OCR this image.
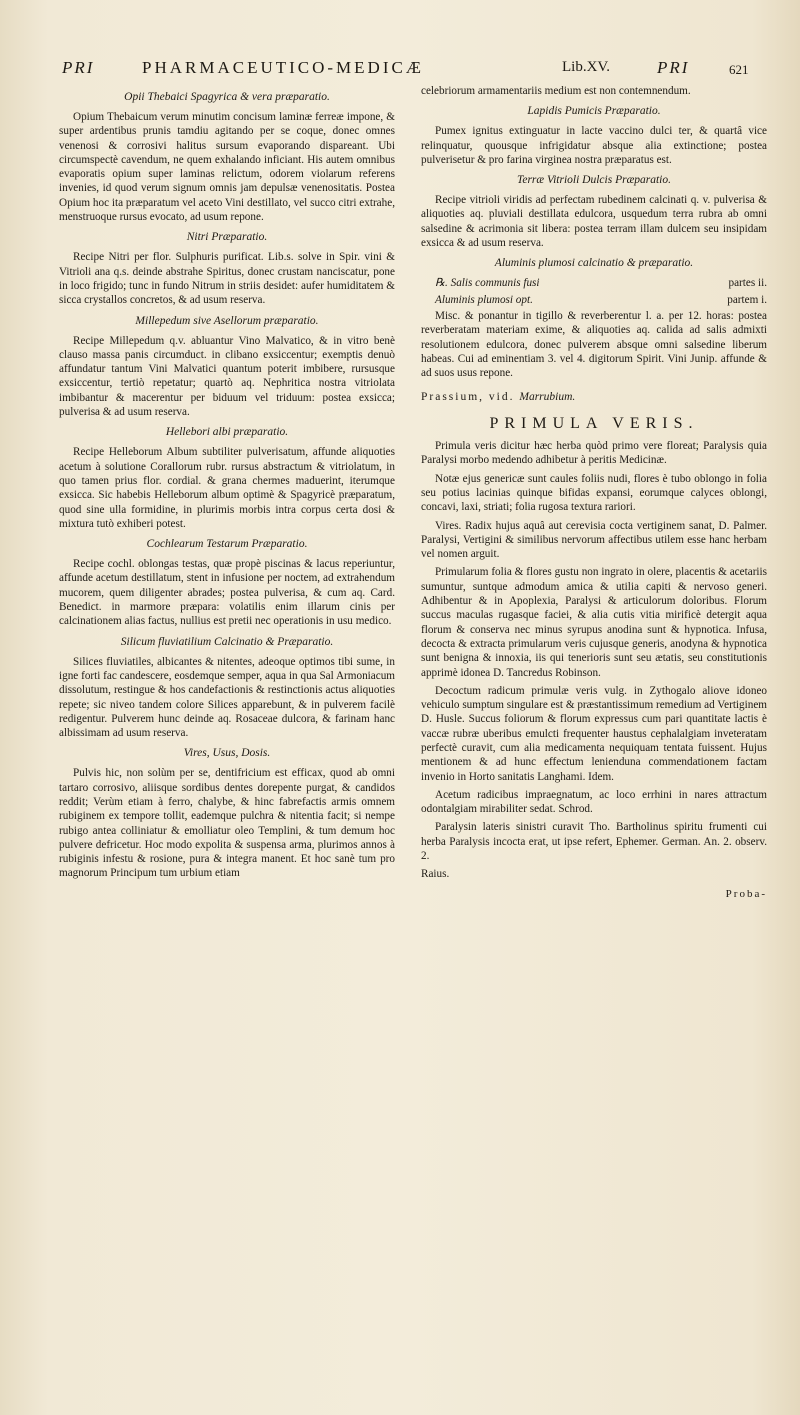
PRI	PHARMACEUTICO-MEDICÆ	Lib.XV.	PRI	621
Opii Thebaici Spagyrica & vera præparatio.

Opium Thebaicum verum minutim concisum laminæ ferreæ impone, & super ardentibus prunis tamdiu agitando per se coque, donec omnes venenosi & corrosivi halitus sursum evaporando dispareant. Ubi circumspectè cavendum, ne quem exhalando inficiant. His autem omnibus evaporatis opium super laminas relictum, odorem violarum referens invenies, id quod verum signum omnis jam depulsæ venenositatis. Postea Opium hoc ita præparatum vel aceto Vini destillato, vel succo citri extrahe, menstruoque rursus evocato, ad usum repone.

Nitri Præparatio.

Recipe Nitri per flor. Sulphuris purificat. Lib.s. solve in Spir. vini & Vitrioli ana q.s. deinde abstrahe Spiritus, donec crustam nanciscatur, pone in loco frigido; tunc in fundo Nitrum in striis desidet: aufer humiditatem & sicca crystallos concretos, & ad usum reserva.

Millepedum sive Asellorum præparatio.

Recipe Millepedum q.v. abluantur Vino Malvatico, & in vitro benè clauso massa panis circumduct. in clibano exsiccentur; exemptis denuò affundatur tantum Vini Malvatici quantum poterit imbibere, rursusque exsiccentur, tertiò repetatur; quartò aq. Nephritica nostra vitriolata imbibantur & macerentur per biduum vel triduum: postea exsicca; pulverisa & ad usum reserva.

Hellebori albi præparatio.

Recipe Helleborum Album subtiliter pulverisatum, affunde aliquoties acetum à solutione Corallorum rubr. rursus abstractum & vitriolatum, in quo tamen prius flor. cordial. & grana chermes maduerint, iterumque exsicca. Sic habebis Helleborum album optimè & Spagyricè præparatum, quod sine ulla formidine, in plurimis morbis intra corpus certa dosi & mixtura tutò exhiberi potest.

Cochlearum Testarum Præparatio.

Recipe cochl. oblongas testas, quæ propè piscinas & lacus reperiuntur, affunde acetum destillatum, stent in infusione per noctem, ad extrahendum mucorem, quem diligenter abrades; postea pulverisa, & cum aq. Card. Benedict. in marmore præpara: volatilis enim illarum cinis per calcinationem alias factus, nullius est pretii nec operationis in usu medico.

Silicum fluviatilium Calcinatio & Præparatio.

Silices fluviatiles, albicantes & nitentes, adeoque optimos tibi sume, in igne forti fac candescere, eosdemque semper, aqua in qua Sal Armoniacum dissolutum, restingue & hos candefactionis & restinctionis actus aliquoties repete; sic niveo tandem colore Silices apparebunt, & in pulverem facilè redigentur. Pulverem hunc deinde aq. Rosaceae dulcora, & farinam hanc albissimam ad usum reserva.

Vires, Usus, Dosis.

Pulvis hic, non solùm per se, dentifricium est efficax, quod ab omni tartaro corrosivo, aliisque sordibus dentes dorepente purgat, & candidos reddit; Verùm etiam à ferro, chalybe, & hinc fabrefactis armis omnem rubiginem ex tempore tollit, eademque pulchra & nitentia facit; si nempe rubigo antea colliniatur & emolliatur oleo Templini, & tum demum hoc pulvere defricetur. Hoc modo expolita & suspensa arma, plurimos annos à rubiginis infestu & rosione, pura & integra manent. Et hoc sanè tum pro magnorum Principum tum urbium etiam

celebriorum armamentariis medium est non contemnendum.

Lapidis Pumicis Præparatio.

Pumex ignitus extinguatur in lacte vaccino dulci ter, & quartâ vice relinquatur, quousque infrigidatur absque alia extinctione; postea pulverisetur & pro farina virginea nostra præparatus est.

Terræ Vitrioli Dulcis Præparatio.

Recipe vitrioli viridis ad perfectam rubedinem calcinati q. v. pulverisa & aliquoties aq. pluviali destillata edulcora, usquedum terra rubra ab omni salsedine & acrimonia sit libera: postea terram illam dulcem seu insipidam exsicca & ad usum reserva.

Aluminis plumosi calcinatio & præparatio.
℞. Salis communis fusi	partes ii.
Aluminis plumosi opt.	partem i.

Misc. & ponantur in tigillo & reverberentur l. a. per 12. horas: postea reverberatam materiam exime, & aliquoties aq. calida ad salis admixti resolutionem edulcora, donec pulverem absque omni salsedine liberum habeas. Cui ad eminentiam 3. vel 4. digitorum Spirit. Vini Junip. affunde & ad suos usus repone.

Prassium, vid. Marrubium.
PRIMULA VERIS.

Primula veris dicitur hæc herba quòd primo vere floreat; Paralysis quia Paralysi morbo medendo adhibetur à peritis Medicinæ.

Notæ ejus genericæ sunt caules foliis nudi, flores è tubo oblongo in folia seu potius lacinias quinque bifidas expansi, eorumque calyces oblongi, concavi, laxi, striati; folia rugosa textura rariori.

Vires. Radix hujus aquâ aut cerevisia cocta vertiginem sanat, D. Palmer. Paralysi, Vertigini & similibus nervorum affectibus utilem esse hanc herbam vel nomen arguit.

Primularum folia & flores gustu non ingrato in olere, placentis & acetariis sumuntur, suntque admodum amica & utilia capiti & nervoso generi. Adhibentur & in Apoplexia, Paralysi & articulorum doloribus. Florum succus maculas rugasque faciei, & alia cutis vitia mirificè detergit aqua florum & conserva nec minus syrupus anodina sunt & hypnotica. Infusa, decocta & extracta primularum veris cujusque generis, anodyna & hypnotica sunt benigna & innoxia, iis qui tenerioris sunt seu ætatis, seu constitutionis apprimè idonea D. Tancredus Robinson.

Decoctum radicum primulæ veris vulg. in Zythogalo aliove idoneo vehiculo sumptum singulare est & præstantissimum remedium ad Vertiginem D. Husle. Succus foliorum & florum expressus cum pari quantitate lactis è vaccæ rubræ uberibus emulcti frequenter haustus cephalalgiam inveteratam perfectè curavit, cum alia medicamenta nequiquam tentata fuissent. Hujus mentionem & ad hunc effectum lenienduna commendationem factam invenio in Horto sanitatis Langhami. Idem.

Acetum radicibus impraegnatum, ac loco errhini in nares attractum odontalgiam mirabiliter sedat. Schrod.

Paralysin lateris sinistri curavit Tho. Bartholinus spiritu frumenti cui herba Paralysis incocta erat, ut ipse refert, Ephemer. German. An. 2. observ. 2.

Raius.

Proba-
